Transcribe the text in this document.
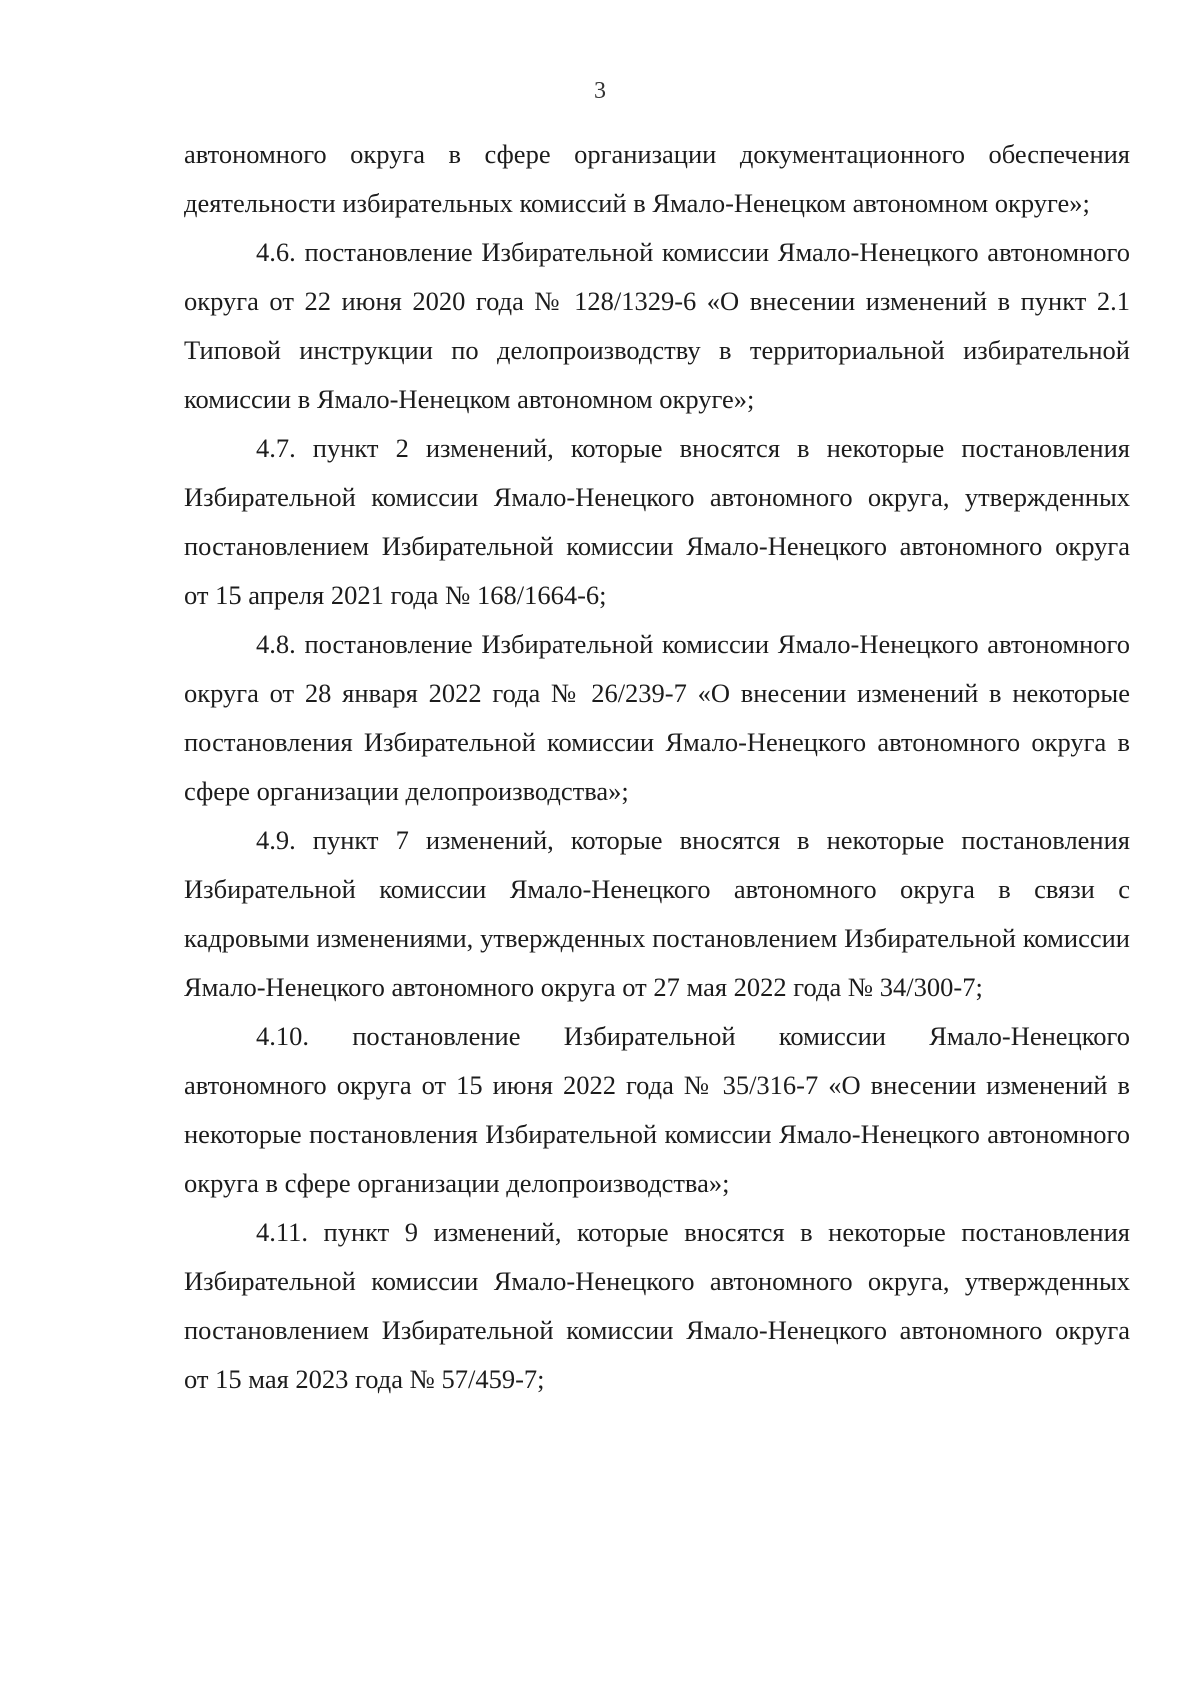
3

автономного округа в сфере организации документационного обеспечения деятельности избирательных комиссий в Ямало-Ненецком автономном округе»;

4.6. постановление Избирательной комиссии Ямало-Ненецкого автономного округа от 22 июня 2020 года № 128/1329-6 «О внесении изменений в пункт 2.1 Типовой инструкции по делопроизводству в территориальной избирательной комиссии в Ямало-Ненецком автономном округе»;

4.7. пункт 2 изменений, которые вносятся в некоторые постановления Избирательной комиссии Ямало-Ненецкого автономного округа, утвержденных постановлением Избирательной комиссии Ямало-Ненецкого автономного округа от 15 апреля 2021 года № 168/1664-6;

4.8. постановление Избирательной комиссии Ямало-Ненецкого автономного округа от 28 января 2022 года № 26/239-7 «О внесении изменений в некоторые постановления Избирательной комиссии Ямало-Ненецкого автономного округа в сфере организации делопроизводства»;

4.9. пункт 7 изменений, которые вносятся в некоторые постановления Избирательной комиссии Ямало-Ненецкого автономного округа в связи с кадровыми изменениями, утвержденных постановлением Избирательной комиссии Ямало-Ненецкого автономного округа от 27 мая 2022 года № 34/300-7;

4.10. постановление Избирательной комиссии Ямало-Ненецкого автономного округа от 15 июня 2022 года № 35/316-7 «О внесении изменений в некоторые постановления Избирательной комиссии Ямало-Ненецкого автономного округа в сфере организации делопроизводства»;

4.11. пункт 9 изменений, которые вносятся в некоторые постановления Избирательной комиссии Ямало-Ненецкого автономного округа, утвержденных постановлением Избирательной комиссии Ямало-Ненецкого автономного округа от 15 мая 2023 года № 57/459-7;
